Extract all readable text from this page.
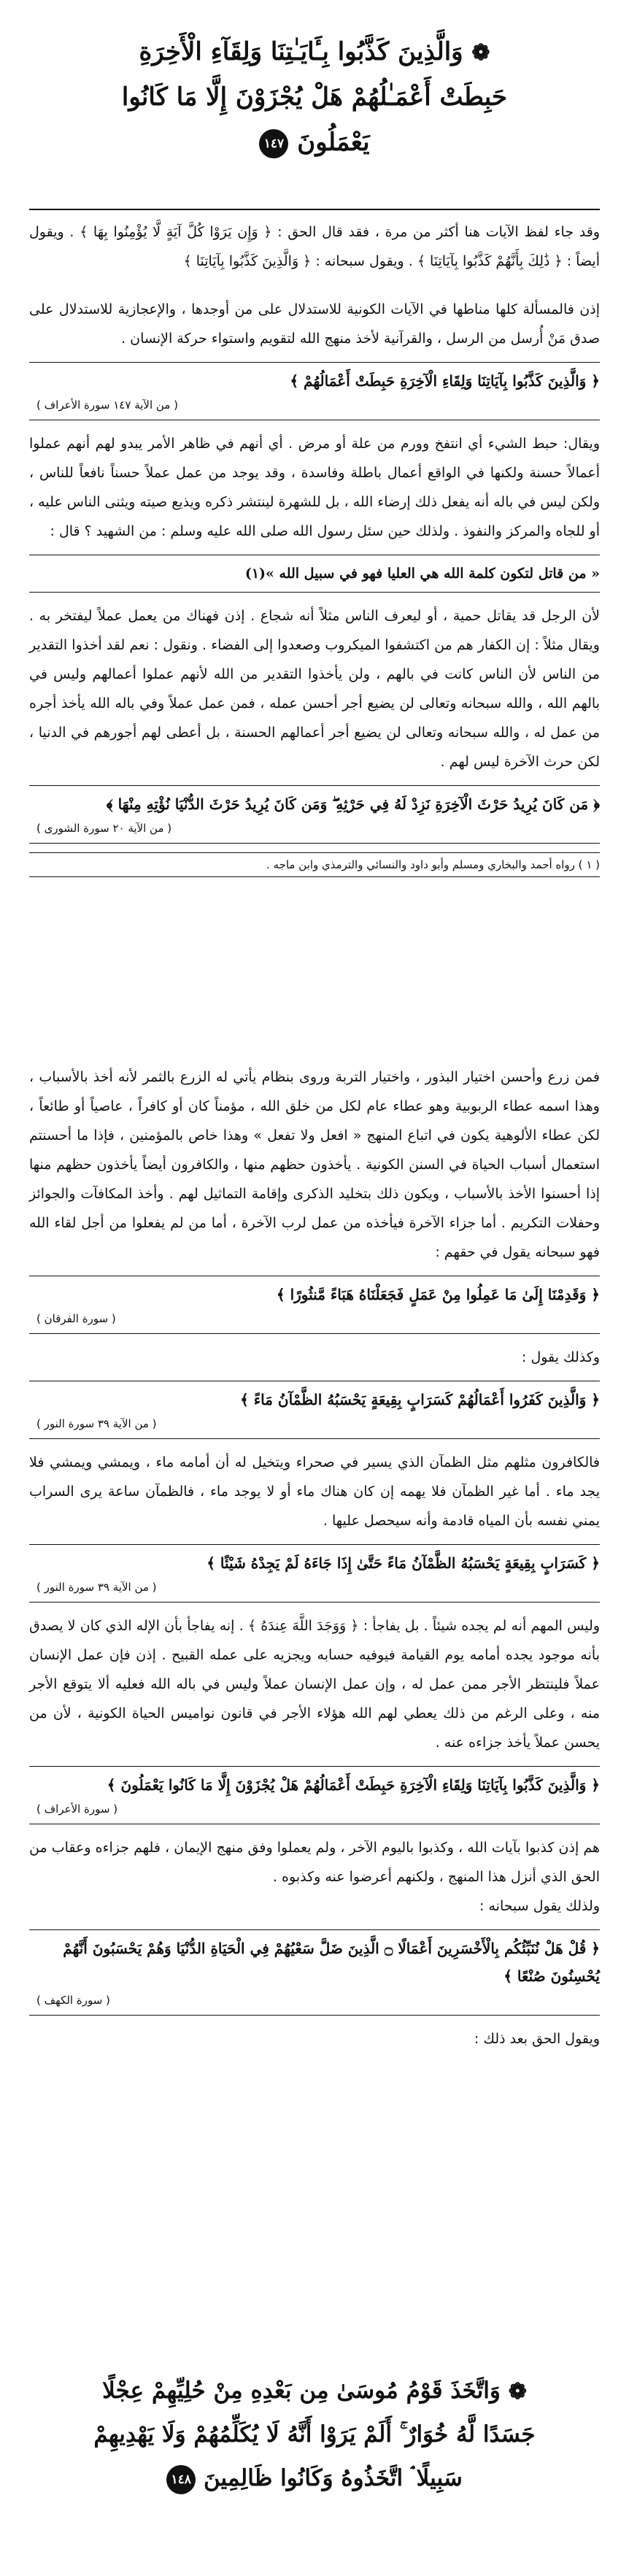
❁ وَالَّذِينَ كَذَّبُوا بِـَٔايَـٰتِنَا وَلِقَآءِ الْأَخِرَةِ
حَبِطَتْ أَعْمَـٰلُهُمْ هَلْ يُجْزَوْنَ إِلَّا مَا كَانُوا
يَعْمَلُونَ ١٤٧

وقد جاء لفظ الآيات هنا أكثر من مرة ، فقد قال الحق : ﴿ وَإِن يَرَوْا كُلَّ آيَةٍ لَّا يُؤْمِنُوا بِهَا ﴾ . ويقول أيضاً : ﴿ ذَٰلِكَ بِأَنَّهُمْ كَذَّبُوا بِآيَاتِنَا ﴾ . ويقول سبحانه : ﴿ وَالَّذِينَ كَذَّبُوا بِآيَاتِنَا ﴾

إذن فالمسألة كلها مناطها في الآيات الكونية للاستدلال على من أوجدها ، والإعجازية للاستدلال على صدق مَنْ أُرسل من الرسل ، والقرآنية لأخذ منهج الله لتقويم واستواء حركة الإنسان .

﴿ وَالَّذِينَ كَذَّبُوا بِآيَاتِنَا وَلِقَاءِ الْآخِرَةِ حَبِطَتْ أَعْمَالُهُمْ ﴾

( من الآية ١٤٧ سورة الأعراف )

ويقال: حبط الشيء أي انتفخ وورم من علة أو مرض . أي أنهم في ظاهر الأمر يبدو لهم أنهم عملوا أعمالاً حسنة ولكنها في الواقع أعمال باطلة وفاسدة ، وقد يوجد من عمل عملاً حسناً نافعاً للناس ، ولكن ليس في باله أنه يفعل ذلك إرضاء الله ، بل للشهرة لينتشر ذكره ويذيع صيته ويثنى الناس عليه ، أو للجاه والمركز والنفوذ . ولذلك حين سئل رسول الله صلى الله عليه وسلم : من الشهيد ؟ قال :

« من قاتل لتكون كلمة الله هي العليا فهو في سبيل الله »(١)

لأن الرجل قد يقاتل حمية ، أو ليعرف الناس مثلاً أنه شجاع . إذن فهناك من يعمل عملاً ليفتخر به . ويقال مثلاً : إن الكفار هم من اكتشفوا الميكروب وصعدوا إلى الفضاء . ونقول : نعم لقد أخذوا التقدير من الناس لأن الناس كانت في بالهم ، ولن يأخذوا التقدير من الله لأنهم عملوا أعمالهم وليس في بالهم الله ، والله سبحانه وتعالى لن يضيع أجر أحسن عمله ، فمن عمل عملاً وفي باله الله يأخذ أجره من عمل له ، والله سبحانه وتعالى لن يضيع أجر أعمالهم الحسنة ، بل أعطى لهم أجورهم في الدنيا ، لكن حرث الآخرة ليس لهم .

﴿ مَن كَانَ يُرِيدُ حَرْثَ الْآخِرَةِ نَزِدْ لَهُ فِي حَرْثِهِ ۖ وَمَن كَانَ يُرِيدُ حَرْثَ الدُّنْيَا نُؤْتِهِ مِنْهَا ﴾

( من الآية ٢٠ سورة الشورى )
( ١ ) رواه أحمد والبخاري ومسلم وأبو داود والنسائي والترمذي وابن ماجه .

فمن زرع وأحسن اختيار البذور ، واختيار التربة وروى بنظام يأتي له الزرع بالثمر لأنه أخذ بالأسباب ، وهذا اسمه عطاء الربوبية وهو عطاء عام لكل من خلق الله ، مؤمناً كان أو كافراً ، عاصياً أو طائعاً ، لكن عطاء الألوهية يكون في اتباع المنهج « افعل ولا تفعل » وهذا خاص بالمؤمنين ، فإذا ما أحسنتم استعمال أسباب الحياة في السنن الكونية . يأخذون حظهم منها ، والكافرون أيضاً يأخذون حظهم منها إذا أحسنوا الأخذ بالأسباب ، ويكون ذلك بتخليد الذكرى وإقامة التماثيل لهم . وأخذ المكافآت والجوائز وحفلات التكريم . أما جزاء الآخرة فيأخذه من عمل لرب الآخرة ، أما من لم يفعلوا من أجل لقاء الله فهو سبحانه يقول في حقهم :

﴿ وَقَدِمْنَا إِلَىٰ مَا عَمِلُوا مِنْ عَمَلٍ فَجَعَلْنَاهُ هَبَاءً مَّنثُورًا ﴾

( سورة الفرقان )

وكذلك يقول :

﴿ وَالَّذِينَ كَفَرُوا أَعْمَالُهُمْ كَسَرَابٍ بِقِيعَةٍ يَحْسَبُهُ الظَّمْآنُ مَاءً ﴾

( من الآية ٣٩ سورة النور )

فالكافرون مثلهم مثل الظمآن الذي يسير في صحراء ويتخيل له أن أمامه ماء ، ويمشي ويمشي فلا يجد ماء . أما غير الظمآن فلا يهمه إن كان هناك ماء أو لا يوجد ماء ، فالظمآن ساعة يرى السراب يمني نفسه بأن المياه قادمة وأنه سيحصل عليها .

﴿ كَسَرَابٍ بِقِيعَةٍ يَحْسَبُهُ الظَّمْآنُ مَاءً حَتَّىٰ إِذَا جَاءَهُ لَمْ يَجِدْهُ شَيْئًا ﴾

( من الآية ٣٩ سورة النور )

وليس المهم أنه لم يجده شيئاً . بل يفاجأ : ﴿ وَوَجَدَ اللَّهَ عِندَهُ ﴾ . إنه يفاجأ بأن الإله الذي كان لا يصدق بأنه موجود يجده أمامه يوم القيامة فيوفيه حسابه ويجزيه على عمله القبيح . إذن فإن عمل الإنسان عملاً فلينتظر الأجر ممن عمل له ، وإن عمل الإنسان عملاً وليس في باله الله فعليه ألا يتوقع الأجر منه ، وعلى الرغم من ذلك يعطي لهم الله هؤلاء الأجر في قانون نواميس الحياة الكونية ، لأن من يحسن عملاً يأخذ جزاءه عنه .

﴿ وَالَّذِينَ كَذَّبُوا بِآيَاتِنَا وَلِقَاءِ الْآخِرَةِ حَبِطَتْ أَعْمَالُهُمْ هَلْ يُجْزَوْنَ إِلَّا مَا كَانُوا يَعْمَلُونَ ﴾

( سورة الأعراف )

هم إذن كذبوا بآيات الله ، وكذبوا باليوم الآخر ، ولم يعملوا وفق منهج الإيمان ، فلهم جزاءه وعقاب من الحق الذي أنزل هذا المنهج ، ولكنهم أعرضوا عنه وكذبوه .

ولذلك يقول سبحانه :

﴿ قُلْ هَلْ نُنَبِّئُكُم بِالْأَخْسَرِينَ أَعْمَالًا ۝ الَّذِينَ ضَلَّ سَعْيُهُمْ فِي الْحَيَاةِ الدُّنْيَا وَهُمْ يَحْسَبُونَ أَنَّهُمْ يُحْسِنُونَ صُنْعًا ﴾

( سورة الكهف )

ويقول الحق بعد ذلك :

❁ وَاتَّخَذَ قَوْمُ مُوسَىٰ مِن بَعْدِهِ مِنْ حُلِيِّهِمْ عِجْلًا
جَسَدًا لَّهُ خُوَارٌ ۚ أَلَمْ يَرَوْا أَنَّهُ لَا يُكَلِّمُهُمْ وَلَا يَهْدِيهِمْ
سَبِيلًا ۘ اتَّخَذُوهُ وَكَانُوا ظَالِمِينَ ١٤٨
